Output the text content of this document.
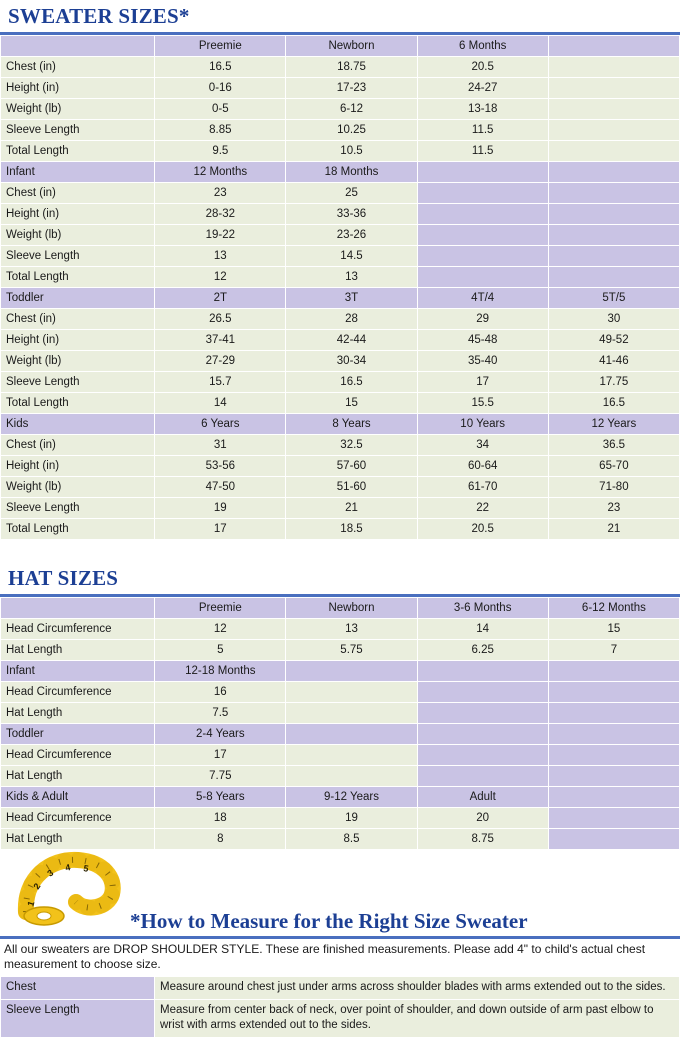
SWEATER SIZES*
	Preemie	Newborn	6 Months	
Chest (in)	16.5	18.75	20.5	
Height (in)	0-16	17-23	24-27	
Weight (lb)	0-5	6-12	13-18	
Sleeve Length	8.85	10.25	11.5	
Total Length	9.5	10.5	11.5	
Infant	12 Months	18 Months		
Chest (in)	23	25		
Height (in)	28-32	33-36		
Weight (lb)	19-22	23-26		
Sleeve Length	13	14.5		
Total Length	12	13		
Toddler	2T	3T	4T/4	5T/5
Chest (in)	26.5	28	29	30
Height (in)	37-41	42-44	45-48	49-52
Weight (lb)	27-29	30-34	35-40	41-46
Sleeve Length	15.7	16.5	17	17.75
Total Length	14	15	15.5	16.5
Kids	6 Years	8 Years	10 Years	12 Years
Chest (in)	31	32.5	34	36.5
Height (in)	53-56	57-60	60-64	65-70
Weight (lb)	47-50	51-60	61-70	71-80
Sleeve Length	19	21	22	23
Total Length	17	18.5	20.5	21
HAT SIZES
	Preemie	Newborn	3-6 Months	6-12 Months
Head Circumference	12	13	14	15
Hat Length	5	5.75	6.25	7
Infant	12-18 Months			
Head Circumference	16			
Hat Length	7.5			
Toddler	2-4 Years			
Head Circumference	17			
Hat Length	7.75			
Kids & Adult	5-8 Years	9-12 Years	Adult	
Head Circumference	18	19	20	
Hat Length	8	8.5	8.75	
1
2
3
4 5
*How to Measure for the Right Size Sweater
All our sweaters are DROP SHOULDER STYLE. These are finished measurements. Please add 4" to child's actual chest measurement to choose size.
Chest	Measure around chest just under arms across shoulder blades with arms extended out to the sides.
Sleeve Length	Measure from center back of neck, over point of shoulder, and down outside of arm past elbow to wrist with arms extended out to the sides.
